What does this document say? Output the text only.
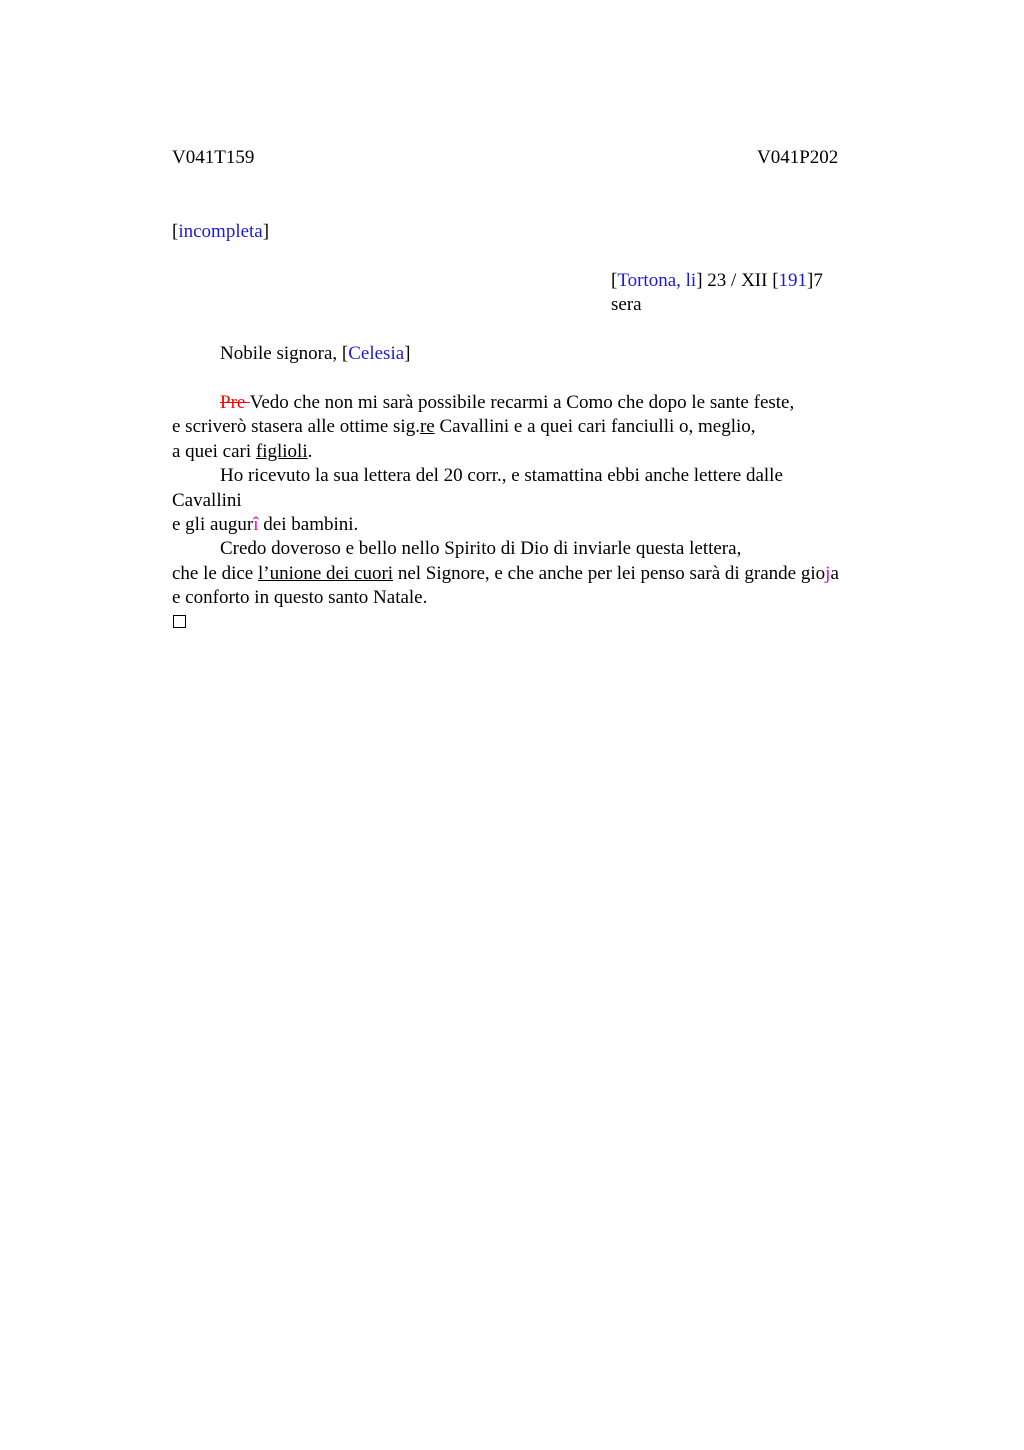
V041T159	V041P202
[incompleta]
[Tortona, li] 23 / XII [191]7
sera
Nobile signora, [Celesia]
Pre Vedo che non mi sarà possibile recarmi a Como che dopo le sante feste,
e scriverò stasera alle ottime sig.re Cavallini e a quei cari fanciulli o, meglio,
a quei cari figlioli.
Ho ricevuto la sua lettera del 20 corr., e stamattina ebbi anche lettere dalle
Cavallini
e gli augurî dei bambini.
Credo doveroso e bello nello Spirito di Dio di inviarle questa lettera,
che le dice l’unione dei cuori nel Signore, e che anche per lei penso sarà di grande gioja
e conforto in questo santo Natale.
